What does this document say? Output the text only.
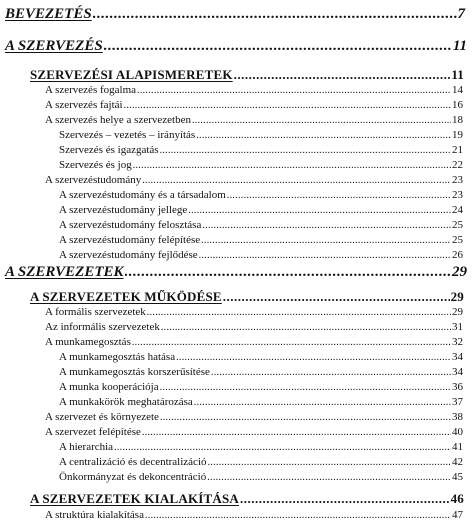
BEVEZETÉS .....	7
A SZERVEZÉS .....	11
SZERVEZÉSI ALAPISMERETEK .....	11
A szervezés fogalma .....	14
A szervezés fajtái .....	16
A szervezés helye a szervezetben .....	18
Szervezés – vezetés – irányítás .....	19
Szervezés és igazgatás .....	21
Szervezés és jog .....	22
A szervezéstudomány .....	23
A szervezéstudomány és a társadalom .....	23
A szervezéstudomány jellege .....	24
A szervezéstudomány felosztása .....	25
A szervezéstudomány felépítése .....	25
A szervezéstudomány fejlődése .....	26
A SZERVEZETEK .....	29
A SZERVEZETEK MŰKÖDÉSE .....	29
A formális szervezetek .....	29
Az informális szervezetek .....	31
A munkamegosztás .....	32
A munkamegosztás hatása .....	34
A munkamegosztás korszerűsítése .....	34
A munka kooperációja .....	36
A munkakörök meghatározása .....	37
A szervezet és környezete .....	38
A szervezet felépítése .....	40
A hierarchia .....	41
A centralizáció és decentralizáció .....	42
Önkormányzat és dekoncentráció .....	45
A SZERVEZETEK KIALAKÍTÁSA .....	46
A struktúra kialakítása .....	47
